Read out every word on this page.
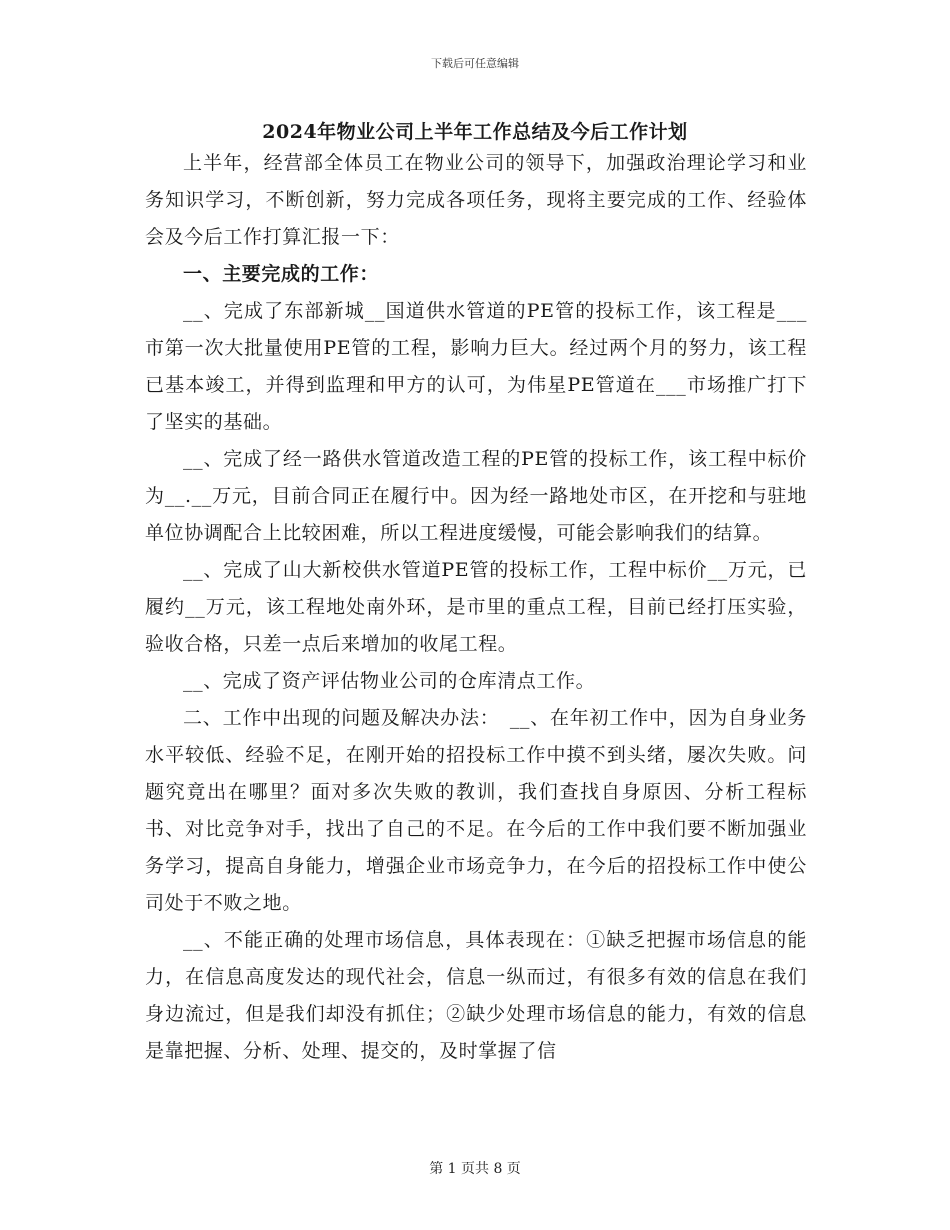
下载后可任意编辑
2024年物业公司上半年工作总结及今后工作计划

上半年，经营部全体员工在物业公司的领导下，加强政治理论学习和业务知识学习，不断创新，努力完成各项任务，现将主要完成的工作、经验体会及今后工作打算汇报一下：

一、主要完成的工作：

__、完成了东部新城__国道供水管道的PE管的投标工作，该工程是___市第一次大批量使用PE管的工程，影响力巨大。经过两个月的努力，该工程已基本竣工，并得到监理和甲方的认可，为伟星PE管道在___市场推广打下了坚实的基础。

__、完成了经一路供水管道改造工程的PE管的投标工作，该工程中标价为__.__万元，目前合同正在履行中。因为经一路地处市区，在开挖和与驻地单位协调配合上比较困难，所以工程进度缓慢，可能会影响我们的结算。

__、完成了山大新校供水管道PE管的投标工作，工程中标价__万元，已履约__万元，该工程地处南外环，是市里的重点工程，目前已经打压实验，验收合格，只差一点后来增加的收尾工程。

__、完成了资产评估物业公司的仓库清点工作。

二、工作中出现的问题及解决办法：　__、在年初工作中，因为自身业务水平较低、经验不足，在刚开始的招投标工作中摸不到头绪，屡次失败。问题究竟出在哪里？面对多次失败的教训，我们查找自身原因、分析工程标书、对比竞争对手，找出了自己的不足。在今后的工作中我们要不断加强业务学习，提高自身能力，增强企业市场竞争力，在今后的招投标工作中使公司处于不败之地。

__、不能正确的处理市场信息，具体表现在：①缺乏把握市场信息的能力，在信息高度发达的现代社会，信息一纵而过，有很多有效的信息在我们身边流过，但是我们却没有抓住；②缺少处理市场信息的能力，有效的信息是靠把握、分析、处理、提交的，及时掌握了信

第 1 页共 8 页
